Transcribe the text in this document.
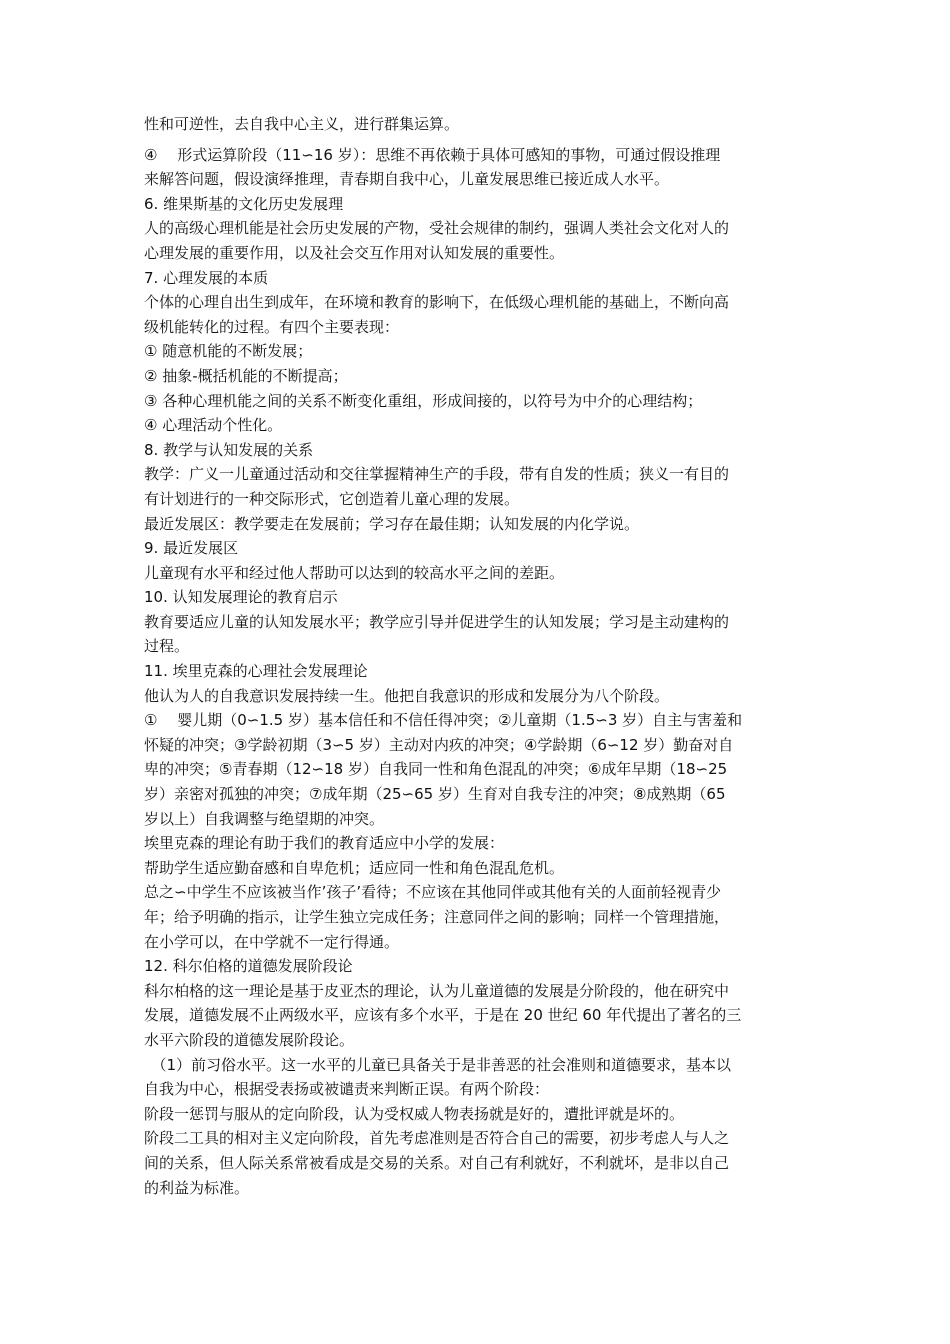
性和可逆性，去自我中心主义，进行群集运算。
④　 形式运算阶段（11∽16 岁）：思维不再依赖于具体可感知的事物，可通过假设推理
来解答问题，假设演绎推理，青春期自我中心，儿童发展思维已接近成人水平。
6. 维果斯基的文化历史发展理
人的高级心理机能是社会历史发展的产物，受社会规律的制约，强调人类社会文化对人的
心理发展的重要作用，以及社会交互作用对认知发展的重要性。
7. 心理发展的本质
个体的心理自出生到成年，在环境和教育的影响下，在低级心理机能的基础上，不断向高
级机能转化的过程。有四个主要表现：
① 随意机能的不断发展；
② 抽象-概括机能的不断提高；
③ 各种心理机能之间的关系不断变化重组，形成间接的，以符号为中介的心理结构；
④ 心理活动个性化。
8. 教学与认知发展的关系
教学：广义一儿童通过活动和交往掌握精神生产的手段，带有自发的性质；狭义一有目的
有计划进行的一种交际形式，它创造着儿童心理的发展。
最近发展区：教学要走在发展前；学习存在最佳期；认知发展的内化学说。
9. 最近发展区
儿童现有水平和经过他人帮助可以达到的较高水平之间的差距。
10. 认知发展理论的教育启示
教育要适应儿童的认知发展水平；教学应引导并促进学生的认知发展；学习是主动建构的
过程。
11. 埃里克森的心理社会发展理论
他认为人的自我意识发展持续一生。他把自我意识的形成和发展分为八个阶段。
①　 婴儿期（0∽1.5 岁）基本信任和不信任得冲突；②儿童期（1.5∽3 岁）自主与害羞和
怀疑的冲突；③学龄初期（3∽5 岁）主动对内疚的冲突；④学龄期（6∽12 岁）勤奋对自
卑的冲突；⑤青春期（12∽18 岁）自我同一性和角色混乱的冲突；⑥成年早期（18∽25
岁）亲密对孤独的冲突；⑦成年期（25∽65 岁）生育对自我专注的冲突；⑧成熟期（65
岁以上）自我调整与绝望期的冲突。
埃里克森的理论有助于我们的教育适应中小学的发展：
帮助学生适应勤奋感和自卑危机；适应同一性和角色混乱危机。
总之∽中学生不应该被当作’孩子’看待；不应该在其他同伴或其他有关的人面前轻视青少
年；给予明确的指示，让学生独立完成任务；注意同伴之间的影响；同样一个管理措施，
在小学可以，在中学就不一定行得通。
12. 科尔伯格的道德发展阶段论
科尔柏格的这一理论是基于皮亚杰的理论，认为儿童道德的发展是分阶段的，他在研究中
发展，道德发展不止两级水平，应该有多个水平，于是在 20 世纪 60 年代提出了著名的三
水平六阶段的道德发展阶段论。
　（1）前习俗水平。这一水平的儿童已具备关于是非善恶的社会准则和道德要求，基本以
自我为中心，根据受表扬或被谴责来判断正误。有两个阶段：
阶段一惩罚与服从的定向阶段，认为受权威人物表扬就是好的，遭批评就是坏的。
阶段二工具的相对主义定向阶段，首先考虑准则是否符合自己的需要，初步考虑人与人之
间的关系，但人际关系常被看成是交易的关系。对自己有利就好，不利就坏，是非以自己
的利益为标准。
